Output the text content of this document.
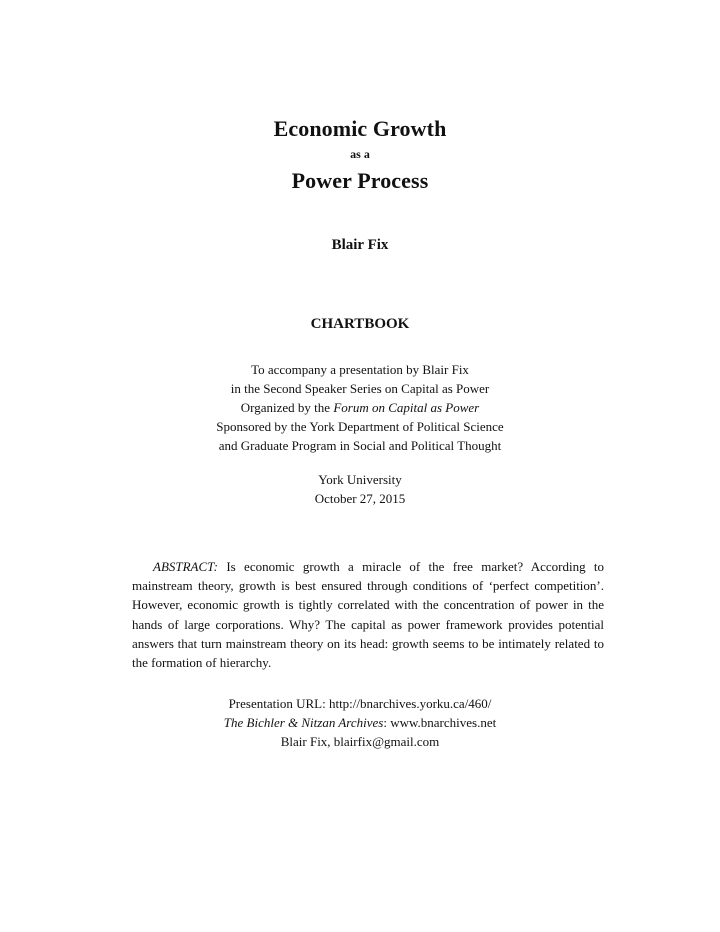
Economic Growth
as a
Power Process
Blair Fix
CHARTBOOK
To accompany a presentation by Blair Fix
in the Second Speaker Series on Capital as Power
Organized by the Forum on Capital as Power
Sponsored by the York Department of Political Science
and Graduate Program in Social and Political Thought
York University
October 27, 2015
ABSTRACT: Is economic growth a miracle of the free market? According to mainstream theory, growth is best ensured through conditions of ‘perfect competition’. However, economic growth is tightly correlated with the concentration of power in the hands of large corporations. Why? The capital as power framework provides potential answers that turn mainstream theory on its head: growth seems to be intimately related to the formation of hierarchy.
Presentation URL: http://bnarchives.yorku.ca/460/
The Bichler & Nitzan Archives: www.bnarchives.net
Blair Fix, blairfix@gmail.com
